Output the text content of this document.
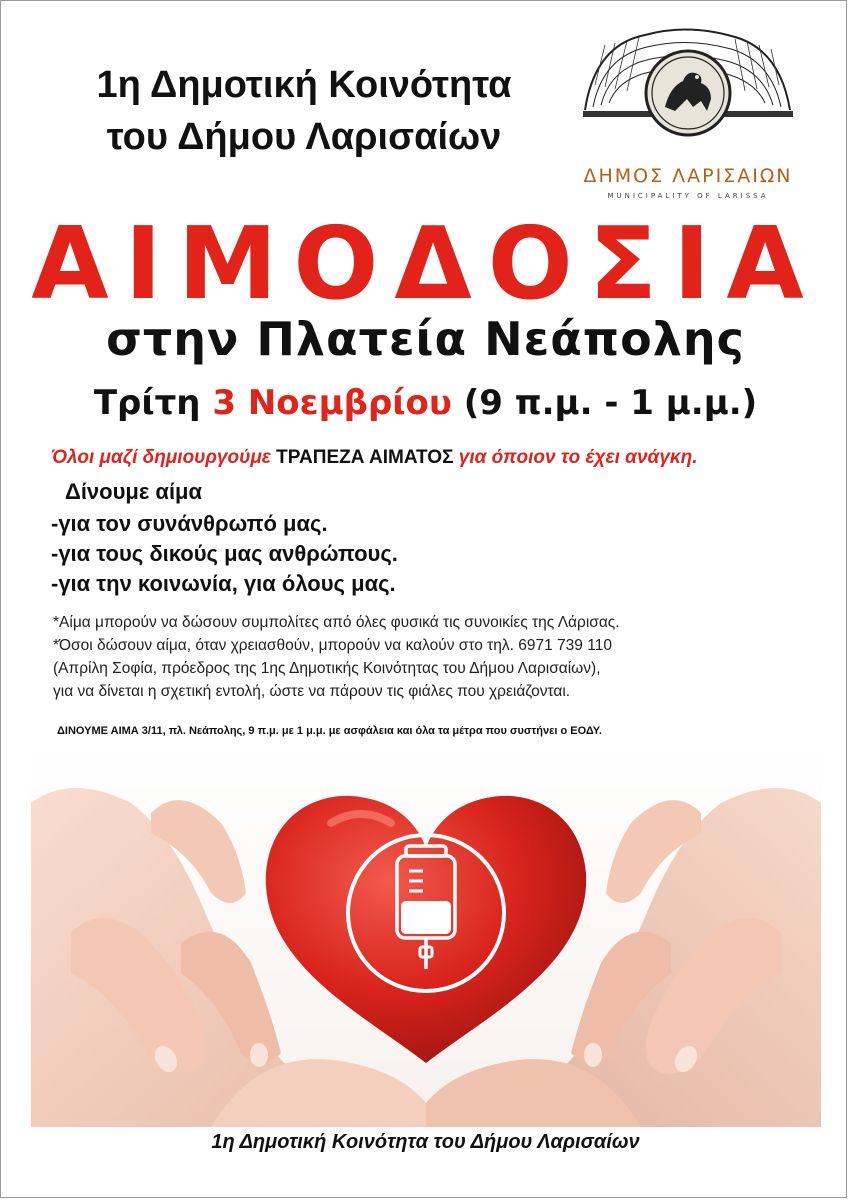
1η Δημοτική Κοινότητα
του Δήμου Λαρισαίων
ΔΗΜΟΣ ΛΑΡΙΣΑΙΩΝ
MUNICIPALITY OF LARISSA
ΑΙΜΟΔΟΣΙΑ
στην Πλατεία Νεάπολης
Τρίτη 3 Νοεμβρίου (9 π.μ. - 1 μ.μ.)
Όλοι μαζί δημιουργούμε ΤΡΑΠΕΖΑ ΑΙΜΑΤΟΣ για όποιον το έχει ανάγκη.
Δίνουμε αίμα
-για τον συνάνθρωπό μας.
-για τους δικούς μας ανθρώπους.
-για την κοινωνία, για όλους μας.

*Αίμα μπορούν να δώσουν συμπολίτες από όλες φυσικά τις συνοικίες της Λάρισας.

*Όσοι δώσουν αίμα, όταν χρειασθούν, μπορούν να καλούν στο τηλ. 6971 739 110

(Απρίλη Σοφία, πρόεδρος της 1ης Δημοτικής Κοινότητας του Δήμου Λαρισαίων),

για να δίνεται η σχετική εντολή, ώστε να πάρουν τις φιάλες που χρειάζονται.

ΔΙΝΟΥΜΕ ΑΙΜΑ 3/11, πλ. Νεάπολης, 9 π.μ. με 1 μ.μ. με ασφάλεια και όλα τα μέτρα που συστήνει ο ΕΟΔΥ.
1η Δημοτική Κοινότητα του Δήμου Λαρισαίων
